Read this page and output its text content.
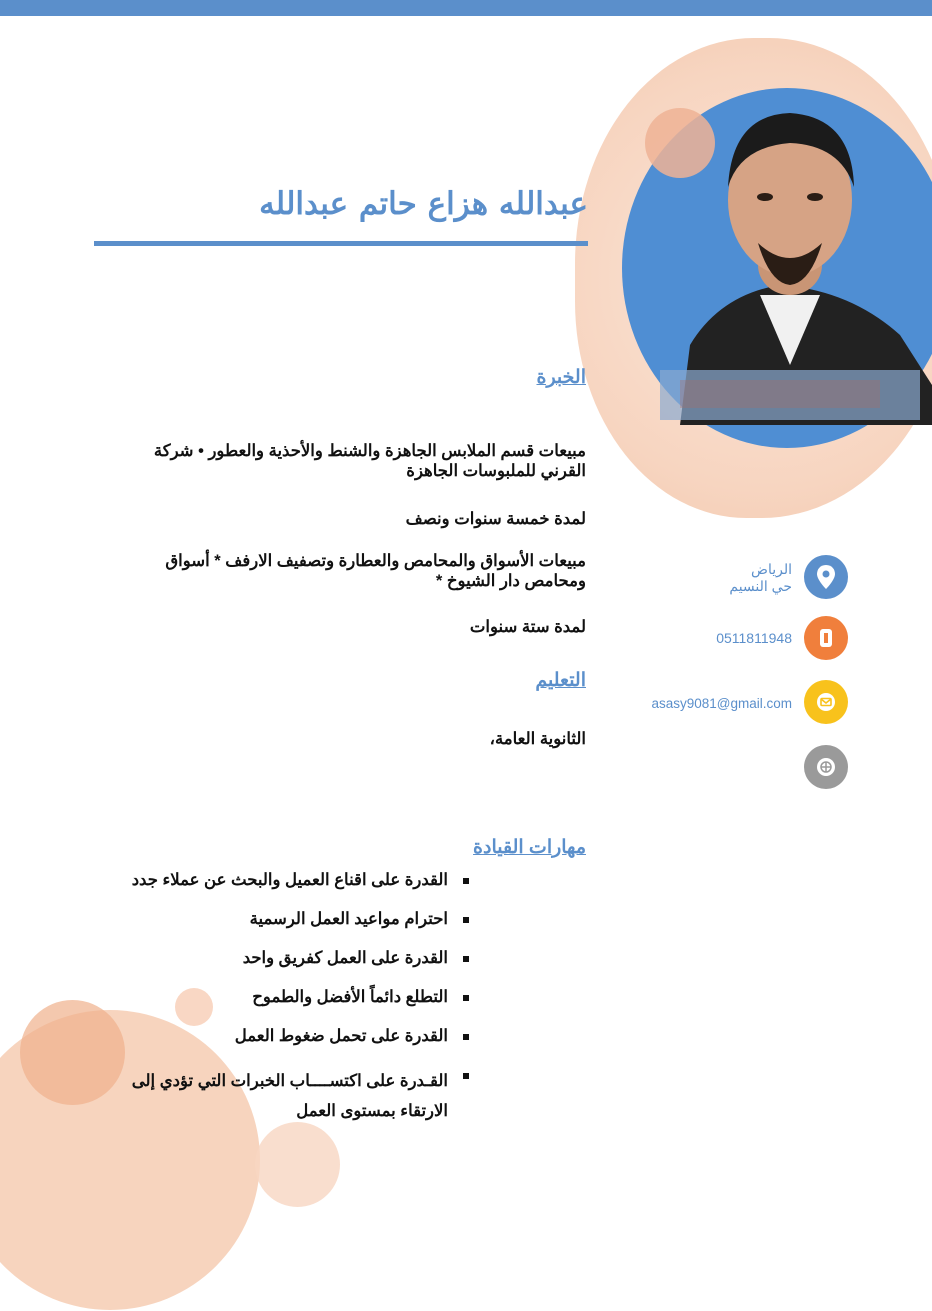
عبدالله هزاع حاتم عبدالله
الخبرة
مبيعات قسم الملابس الجاهزة والشنط والأحذية والعطور • شركة القرني للملبوسات الجاهزة
لمدة خمسة سنوات ونصف
مبيعات الأسواق والمحامص والعطارة وتصفيف الارفف * أسواق ومحامص دار الشيوخ *
لمدة ستة سنوات
التعليم
الثانوية العامة،
مهارات القيادة
القدرة على اقناع العميل والبحث عن عملاء جدد
احترام مواعيد العمل الرسمية
القدرة على العمل كفريق واحد
التطلع دائماً الأفضل والطموح
القدرة على تحمل ضغوط العمل
القـدرة على اكتســــاب الخبرات التي تؤدي إلى الارتقاء بمستوى العمل
الرياض
حي النسيم
0511811948
asasy9081@gmail.com
